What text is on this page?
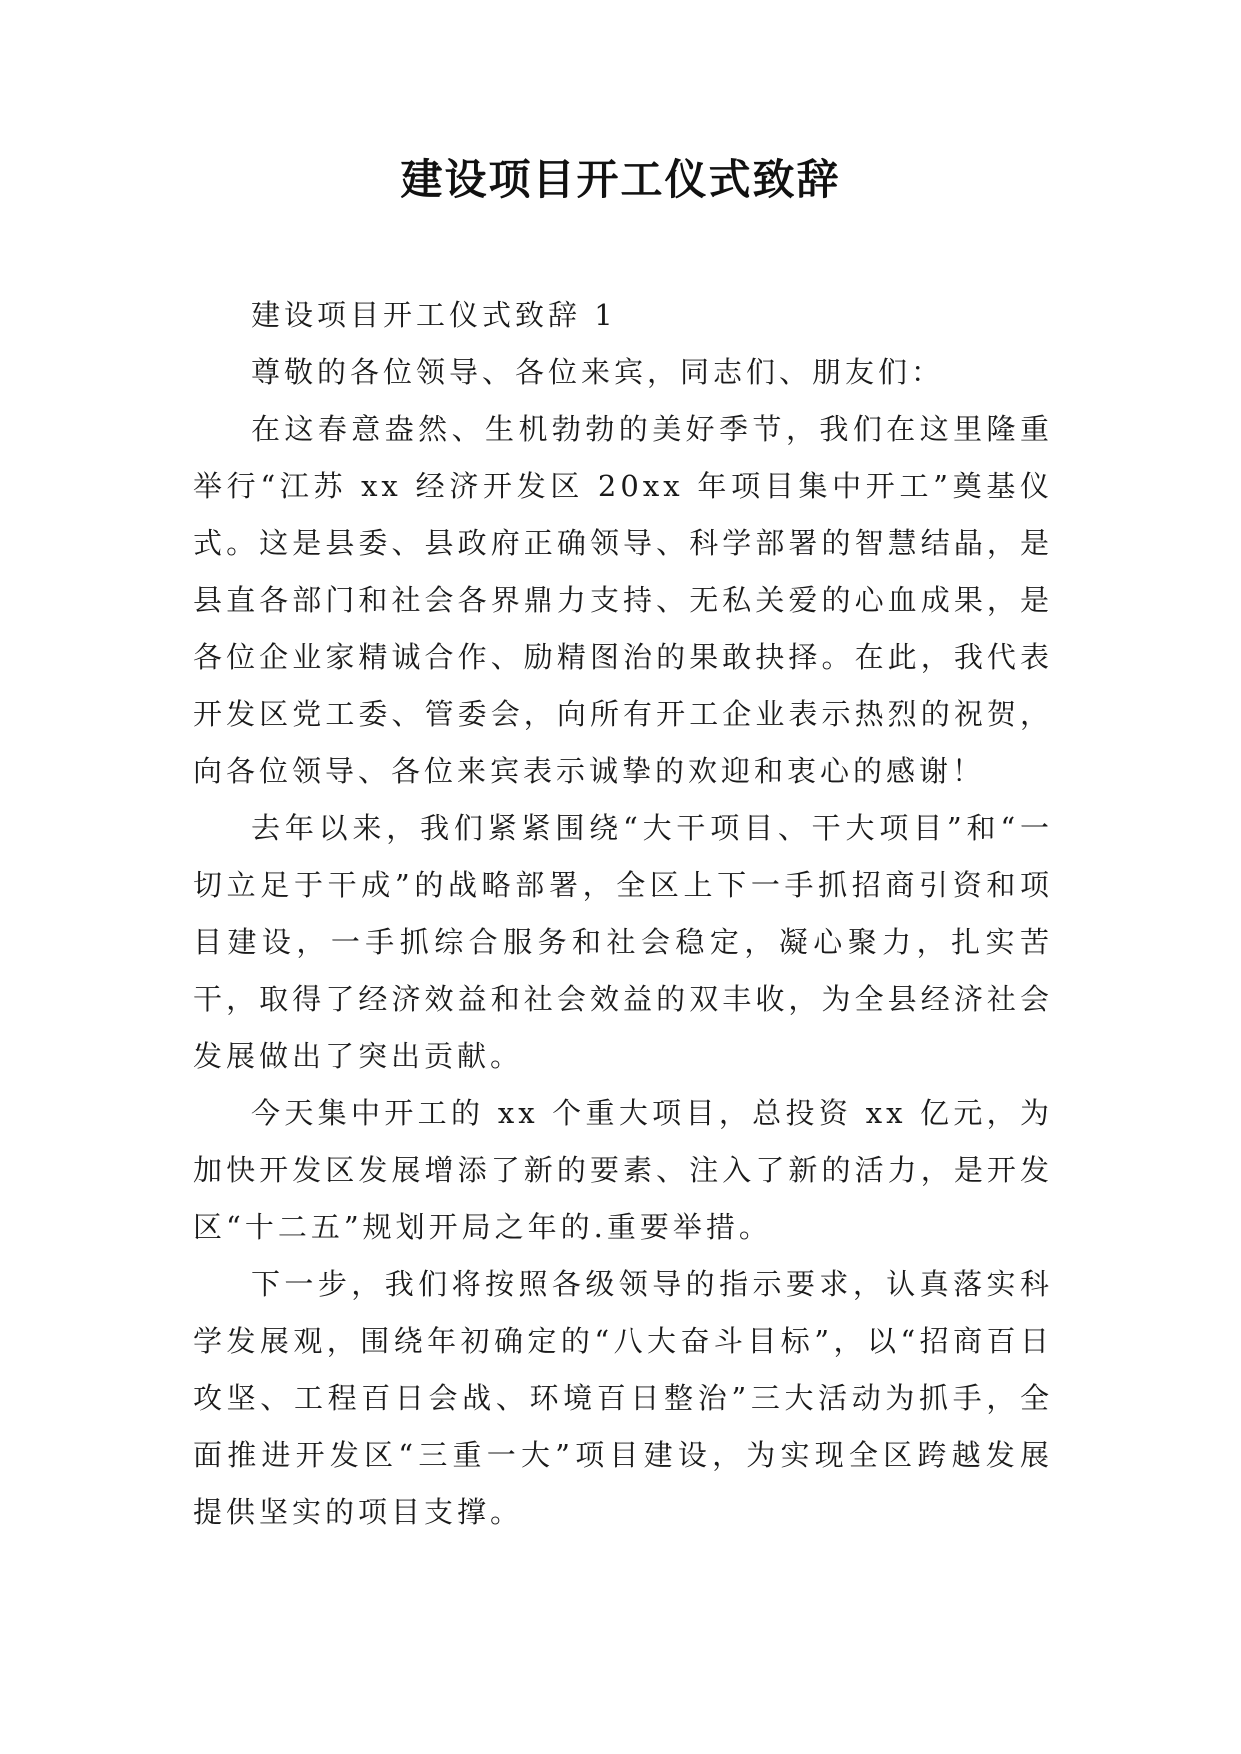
建设项目开工仪式致辞

建设项目开工仪式致辞 1

尊敬的各位领导、各位来宾，同志们、朋友们：

在这春意盎然、生机勃勃的美好季节，我们在这里隆重举行“江苏 xx 经济开发区 20xx 年项目集中开工”奠基仪式。这是县委、县政府正确领导、科学部署的智慧结晶，是县直各部门和社会各界鼎力支持、无私关爱的心血成果，是各位企业家精诚合作、励精图治的果敢抉择。在此，我代表开发区党工委、管委会，向所有开工企业表示热烈的祝贺，向各位领导、各位来宾表示诚挚的欢迎和衷心的感谢！

去年以来，我们紧紧围绕“大干项目、干大项目”和“一切立足于干成”的战略部署，全区上下一手抓招商引资和项目建设，一手抓综合服务和社会稳定，凝心聚力，扎实苦干，取得了经济效益和社会效益的双丰收，为全县经济社会发展做出了突出贡献。

今天集中开工的 xx 个重大项目，总投资 xx 亿元，为加快开发区发展增添了新的要素、注入了新的活力，是开发区“十二五”规划开局之年的.重要举措。

下一步，我们将按照各级领导的指示要求，认真落实科学发展观，围绕年初确定的“八大奋斗目标”，以“招商百日攻坚、工程百日会战、环境百日整治”三大活动为抓手，全面推进开发区“三重一大”项目建设，为实现全区跨越发展提供坚实的项目支撑。
